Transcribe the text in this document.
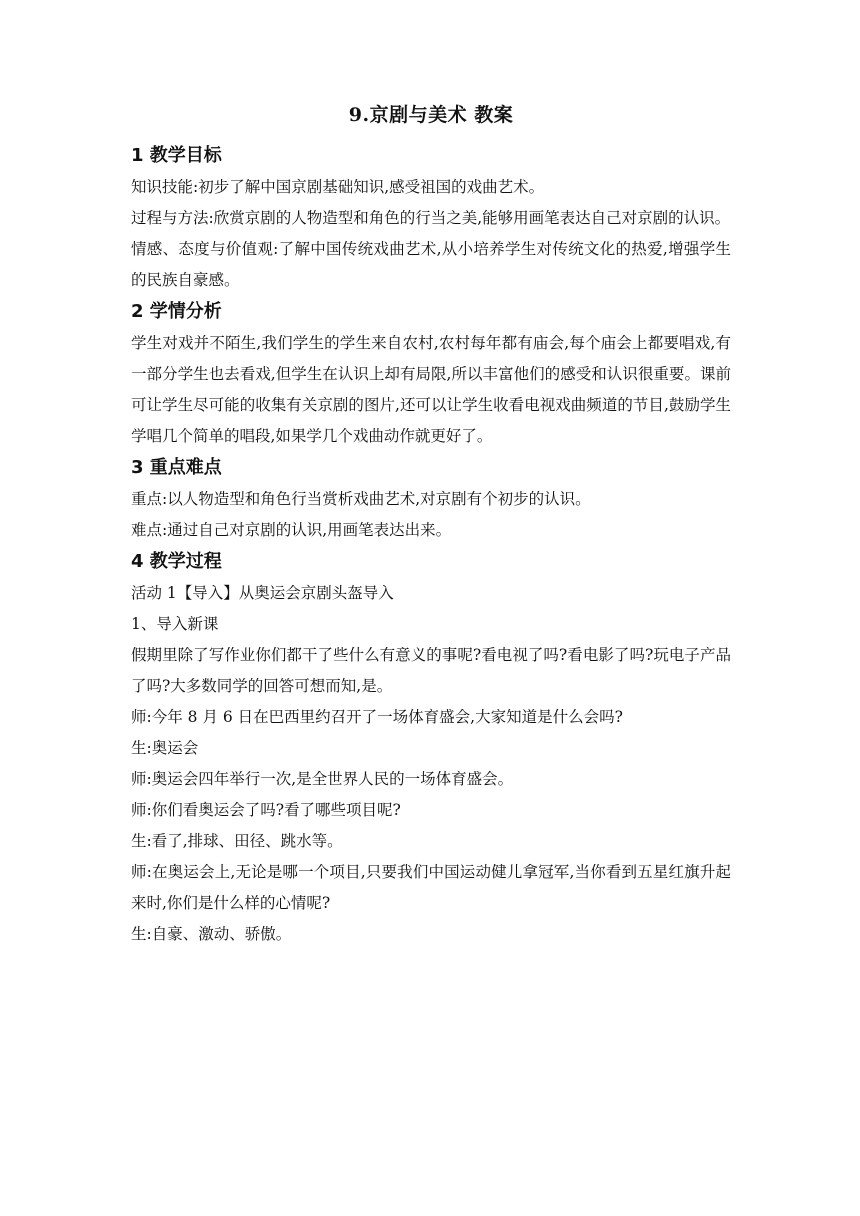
9.京剧与美术 教案
1 教学目标

知识技能:初步了解中国京剧基础知识,感受祖国的戏曲艺术。

过程与方法:欣赏京剧的人物造型和角色的行当之美,能够用画笔表达自己对京剧的认识。

情感、态度与价值观:了解中国传统戏曲艺术,从小培养学生对传统文化的热爱,增强学生的民族自豪感。

2 学情分析

学生对戏并不陌生,我们学生的学生来自农村,农村每年都有庙会,每个庙会上都要唱戏,有一部分学生也去看戏,但学生在认识上却有局限,所以丰富他们的感受和认识很重要。课前可让学生尽可能的收集有关京剧的图片,还可以让学生收看电视戏曲频道的节目,鼓励学生学唱几个简单的唱段,如果学几个戏曲动作就更好了。

3 重点难点

重点:以人物造型和角色行当赏析戏曲艺术,对京剧有个初步的认识。

难点:通过自己对京剧的认识,用画笔表达出来。

4 教学过程

活动 1【导入】从奥运会京剧头盔导入

1、导入新课

假期里除了写作业你们都干了些什么有意义的事呢?看电视了吗?看电影了吗?玩电子产品了吗?大多数同学的回答可想而知,是。

师:今年 8 月 6 日在巴西里约召开了一场体育盛会,大家知道是什么会吗?

生:奥运会

师:奥运会四年举行一次,是全世界人民的一场体育盛会。

师:你们看奥运会了吗?看了哪些项目呢?

生:看了,排球、田径、跳水等。

师:在奥运会上,无论是哪一个项目,只要我们中国运动健儿拿冠军,当你看到五星红旗升起来时,你们是什么样的心情呢?

生:自豪、激动、骄傲。
